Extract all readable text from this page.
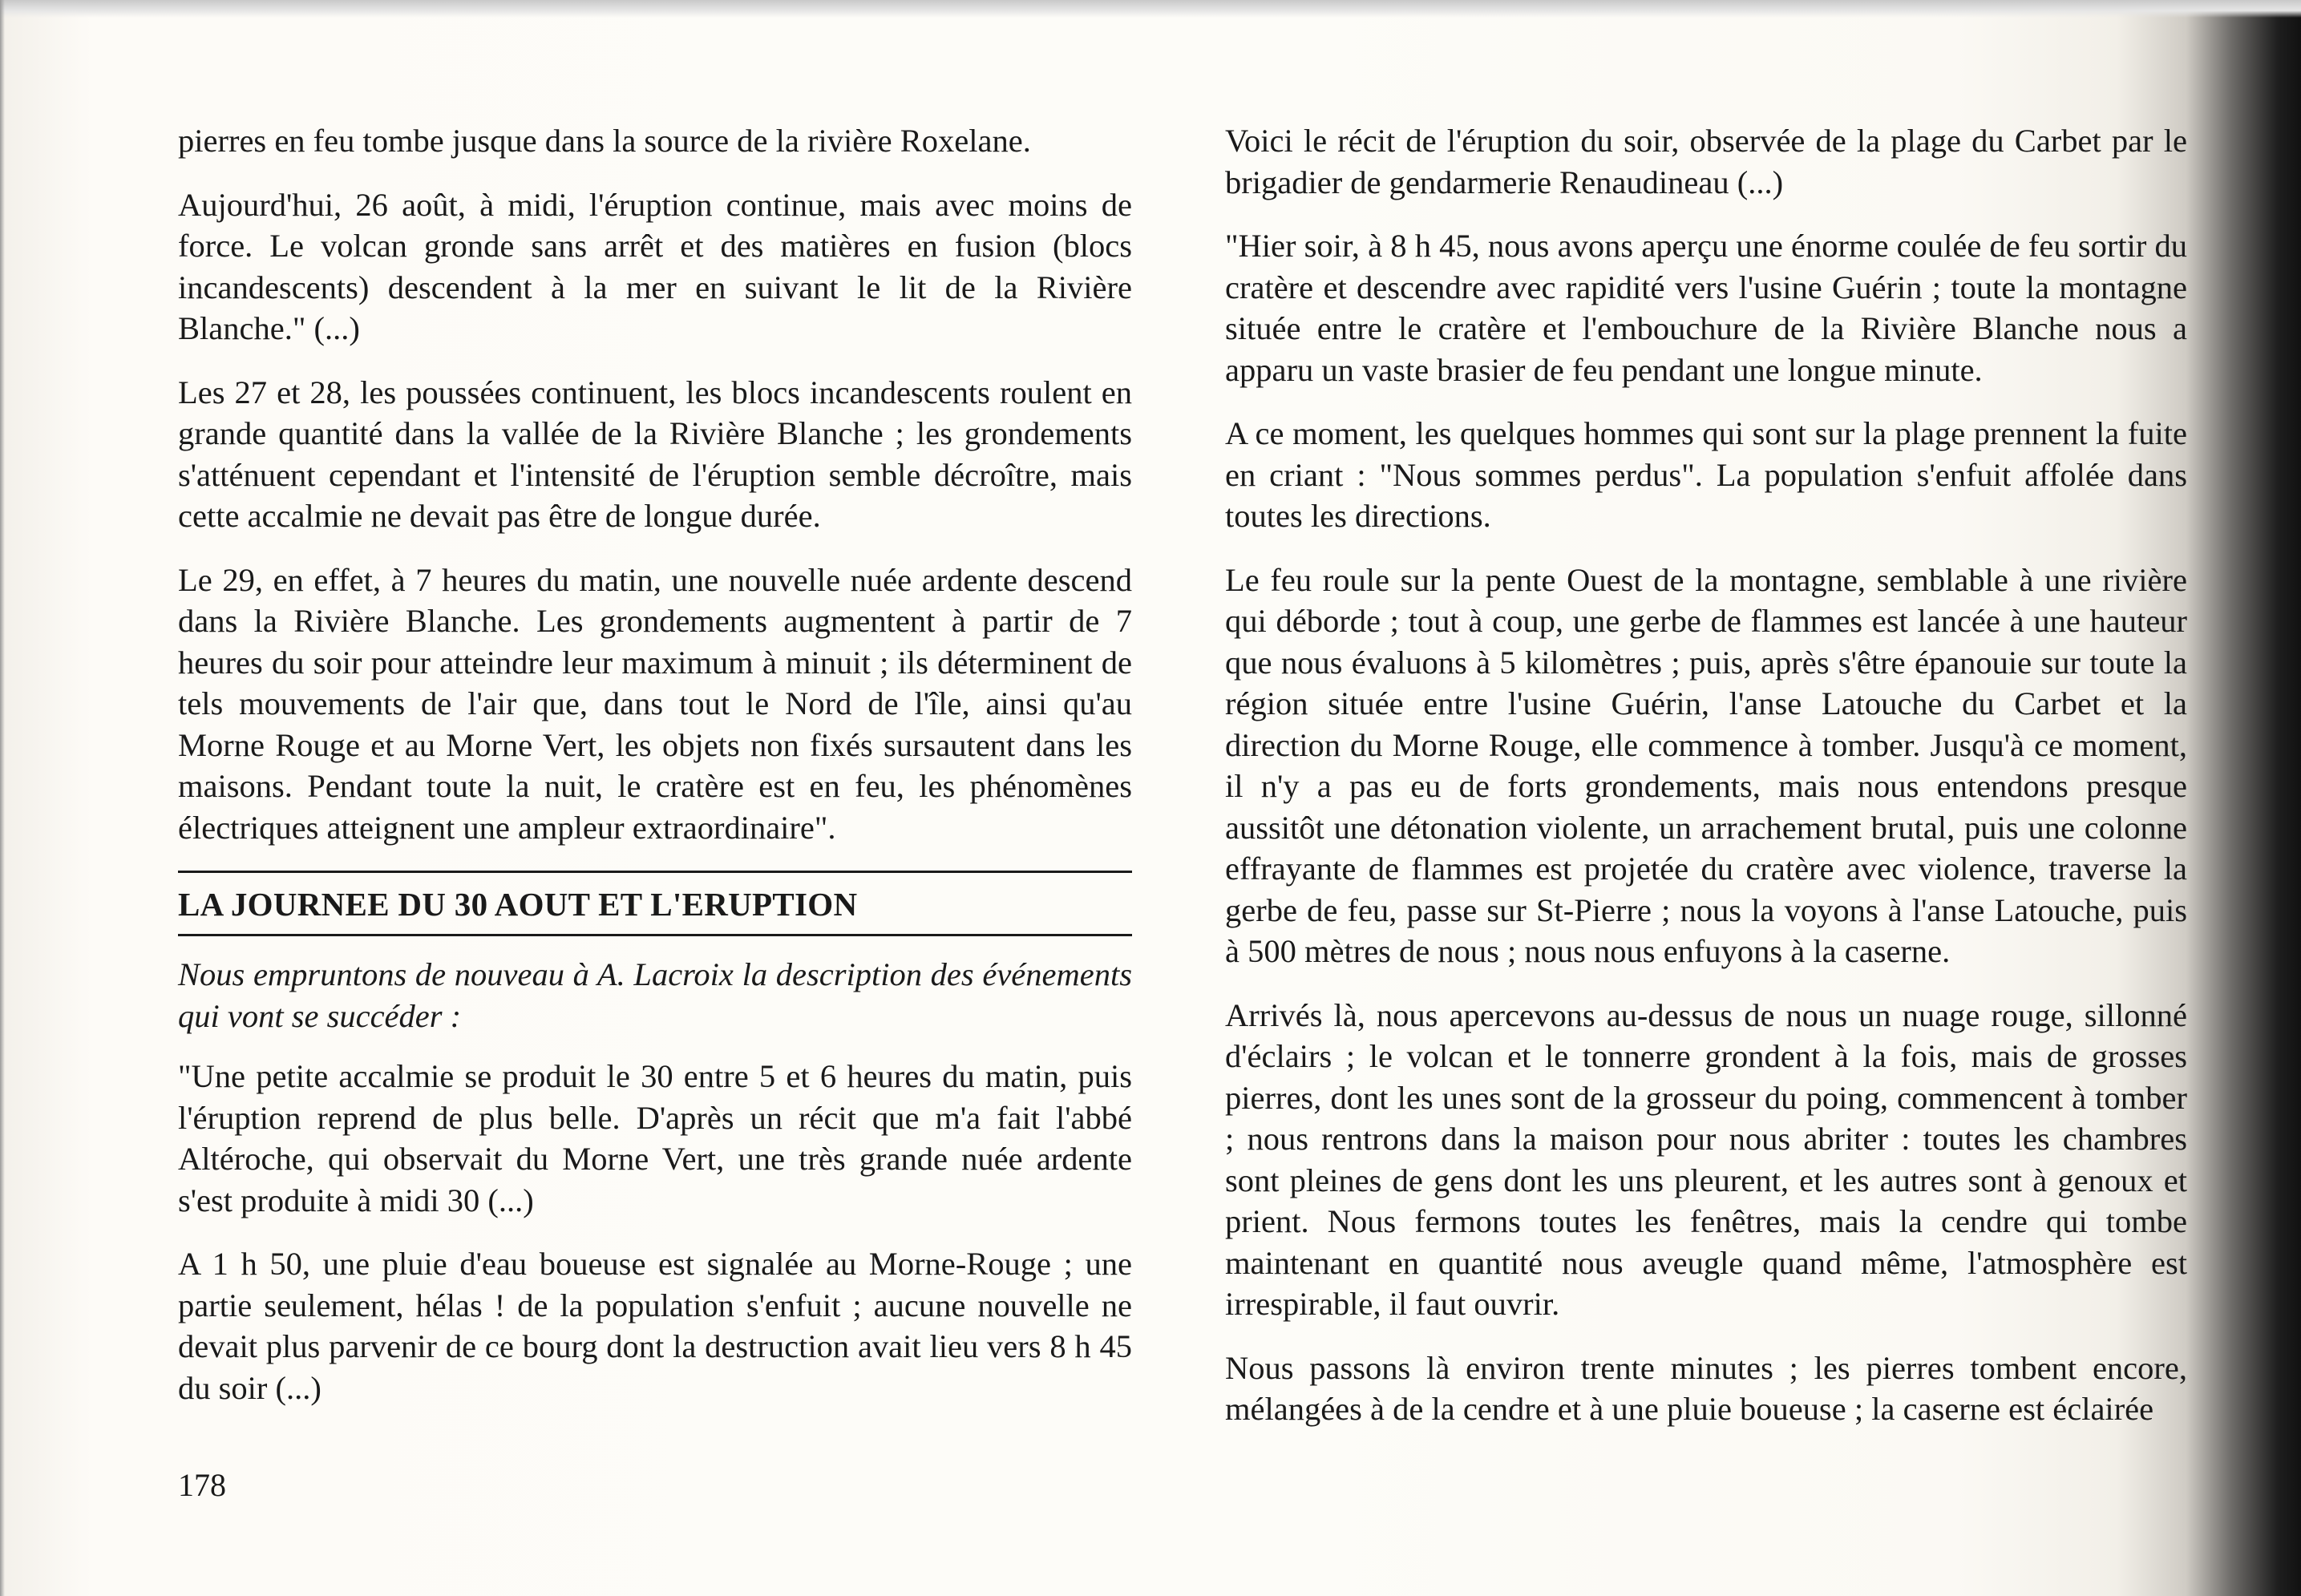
pierres en feu tombe jusque dans la source de la rivière Roxelane.

Aujourd'hui, 26 août, à midi, l'éruption continue, mais avec moins de force. Le volcan gronde sans arrêt et des matières en fusion (blocs incandescents) descendent à la mer en suivant le lit de la Rivière Blanche." (...)

Les 27 et 28, les poussées continuent, les blocs incandescents roulent en grande quantité dans la vallée de la Rivière Blanche ; les grondements s'atténuent cependant et l'intensité de l'éruption semble décroître, mais cette accalmie ne devait pas être de longue durée.

Le 29, en effet, à 7 heures du matin, une nouvelle nuée ardente descend dans la Rivière Blanche. Les grondements augmentent à partir de 7 heures du soir pour atteindre leur maximum à minuit ; ils déterminent de tels mouvements de l'air que, dans tout le Nord de l'île, ainsi qu'au Morne Rouge et au Morne Vert, les objets non fixés sursautent dans les maisons. Pendant toute la nuit, le cratère est en feu, les phénomènes électriques atteignent une ampleur extraordinaire".

LA JOURNEE DU 30 AOUT ET L'ERUPTION

Nous empruntons de nouveau à A. Lacroix la description des événements qui vont se succéder :

"Une petite accalmie se produit le 30 entre 5 et 6 heures du matin, puis l'éruption reprend de plus belle. D'après un récit que m'a fait l'abbé Altéroche, qui observait du Morne Vert, une très grande nuée ardente s'est produite à midi 30 (...)

A 1 h 50, une pluie d'eau boueuse est signalée au Morne-Rouge ; une partie seulement, hélas ! de la population s'enfuit ; aucune nouvelle ne devait plus parvenir de ce bourg dont la destruction avait lieu vers 8 h 45 du soir (...)

Voici le récit de l'éruption du soir, observée de la plage du Carbet par le brigadier de gendarmerie Renaudineau (...)

"Hier soir, à 8 h 45, nous avons aperçu une énorme coulée de feu sortir du cratère et descendre avec rapidité vers l'usine Guérin ; toute la montagne située entre le cratère et l'embouchure de la Rivière Blanche nous a apparu un vaste brasier de feu pendant une longue minute.

A ce moment, les quelques hommes qui sont sur la plage prennent la fuite en criant : "Nous sommes perdus". La population s'enfuit affolée dans toutes les directions.

Le feu roule sur la pente Ouest de la montagne, semblable à une rivière qui déborde ; tout à coup, une gerbe de flammes est lancée à une hauteur que nous évaluons à 5 kilomètres ; puis, après s'être épanouie sur toute la région située entre l'usine Guérin, l'anse Latouche du Carbet et la direction du Morne Rouge, elle commence à tomber. Jusqu'à ce moment, il n'y a pas eu de forts grondements, mais nous entendons presque aussitôt une détonation violente, un arrachement brutal, puis une colonne effrayante de flammes est projetée du cratère avec violence, traverse la gerbe de feu, passe sur St-Pierre ; nous la voyons à l'anse Latouche, puis à 500 mètres de nous ; nous nous enfuyons à la caserne.

Arrivés là, nous apercevons au-dessus de nous un nuage rouge, sillonné d'éclairs ; le volcan et le tonnerre grondent à la fois, mais de grosses pierres, dont les unes sont de la grosseur du poing, commencent à tomber ; nous rentrons dans la maison pour nous abriter : toutes les chambres sont pleines de gens dont les uns pleurent, et les autres sont à genoux et prient. Nous fermons toutes les fenêtres, mais la cendre qui tombe maintenant en quantité nous aveugle quand même, l'atmosphère est irrespirable, il faut ouvrir.

Nous passons là environ trente minutes ; les pierres tombent encore, mélangées à de la cendre et à une pluie boueuse ; la caserne est éclairée

178
